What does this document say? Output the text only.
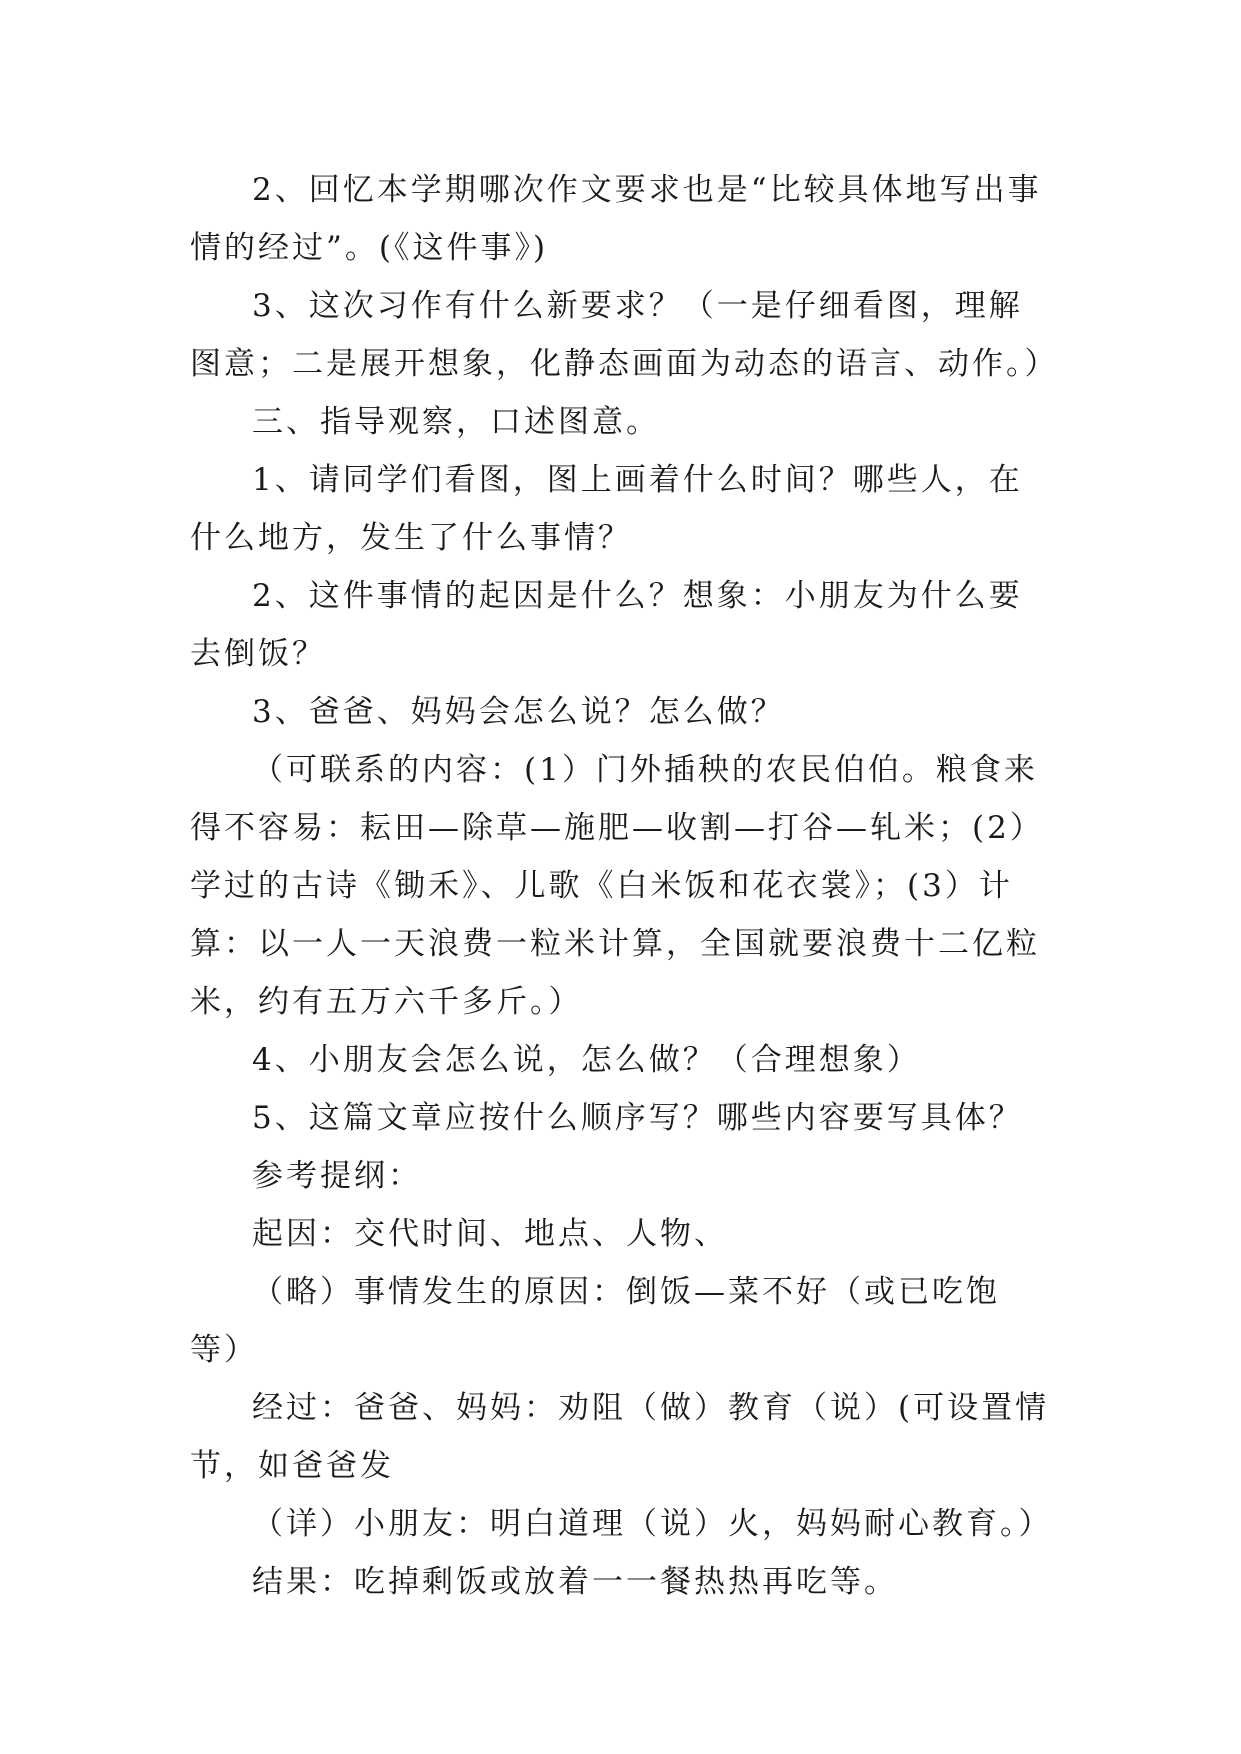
2、回忆本学期哪次作文要求也是“比较具体地写出事情的经过”。(《这件事》)

3、这次习作有什么新要求？（一是仔细看图，理解图意；二是展开想象，化静态画面为动态的语言、动作。）

三、指导观察，口述图意。

1、请同学们看图，图上画着什么时间？哪些人，在什么地方，发生了什么事情？

2、这件事情的起因是什么？想象：小朋友为什么要去倒饭？

3、爸爸、妈妈会怎么说？怎么做？

（可联系的内容：(1）门外插秧的农民伯伯。粮食来得不容易：耘田—除草—施肥—收割—打谷—轧米；(2）学过的古诗《锄禾》、儿歌《白米饭和花衣裳》；(3）计算：以一人一天浪费一粒米计算，全国就要浪费十二亿粒米，约有五万六千多斤。）

4、小朋友会怎么说，怎么做？（合理想象）

5、这篇文章应按什么顺序写？哪些内容要写具体？

参考提纲：

起因：交代时间、地点、人物、

（略）事情发生的原因：倒饭—菜不好（或已吃饱等）

经过：爸爸、妈妈：劝阻（做）教育（说）(可设置情节，如爸爸发

（详）小朋友：明白道理（说）火，妈妈耐心教育。）

结果：吃掉剩饭或放着一一餐热热再吃等。
